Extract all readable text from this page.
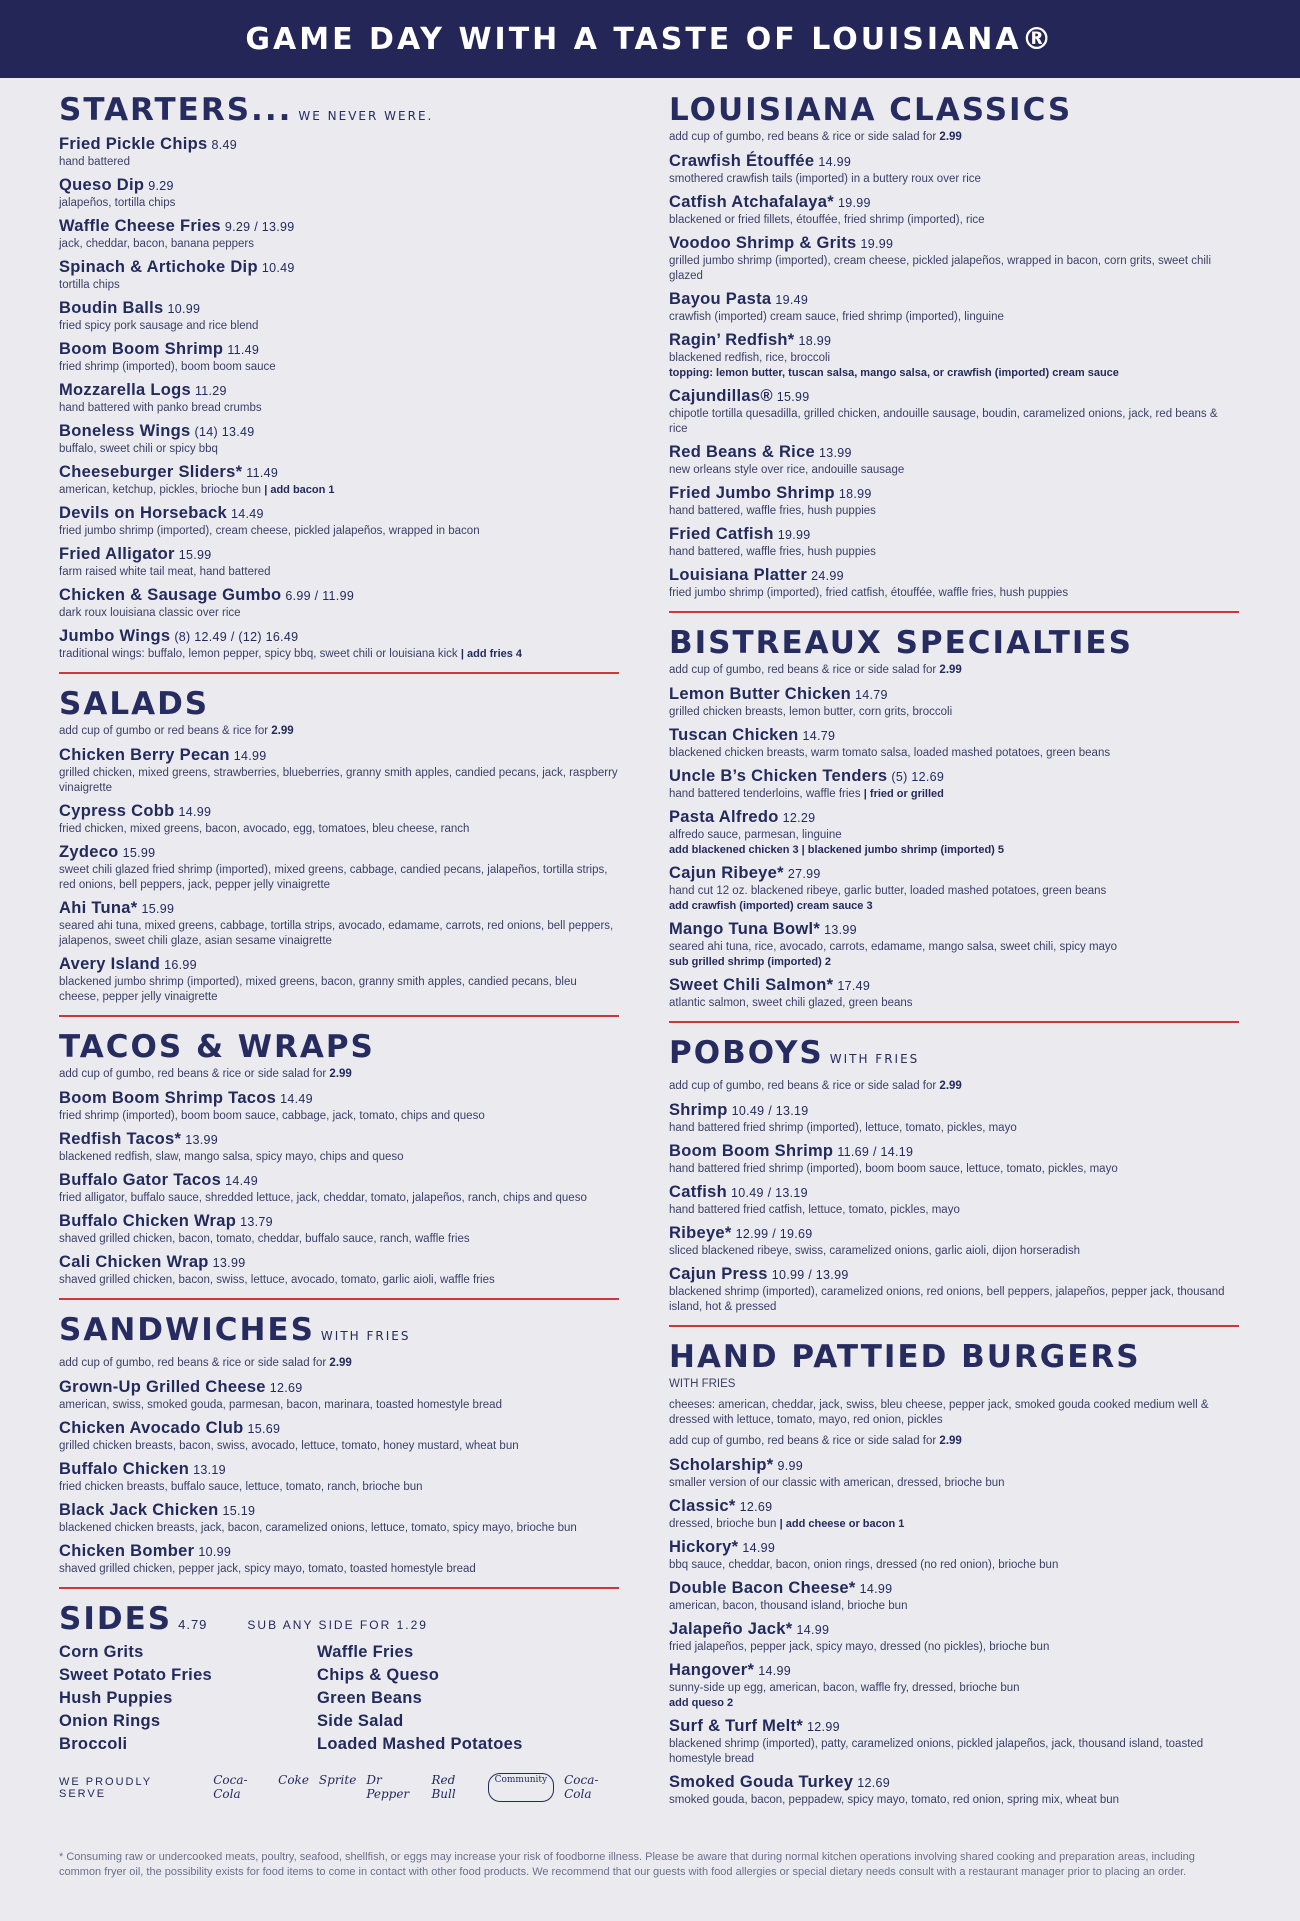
GAME DAY WITH A TASTE OF LOUISIANA®
STARTERS... WE NEVER WERE.
Fried Pickle Chips 8.49
hand battered
Queso Dip 9.29
jalapeños, tortilla chips
Waffle Cheese Fries 9.29 / 13.99
jack, cheddar, bacon, banana peppers
Spinach & Artichoke Dip 10.49
tortilla chips
Boudin Balls 10.99
fried spicy pork sausage and rice blend
Boom Boom Shrimp 11.49
fried shrimp (imported), boom boom sauce
Mozzarella Logs 11.29
hand battered with panko bread crumbs
Boneless Wings (14) 13.49
buffalo, sweet chili or spicy bbq
Cheeseburger Sliders* 11.49
american, ketchup, pickles, brioche bun | add bacon 1
Devils on Horseback 14.49
fried jumbo shrimp (imported), cream cheese, pickled jalapeños, wrapped in bacon
Fried Alligator 15.99
farm raised white tail meat, hand battered
Chicken & Sausage Gumbo 6.99 / 11.99
dark roux louisiana classic over rice
Jumbo Wings (8) 12.49 / (12) 16.49
traditional wings: buffalo, lemon pepper, spicy bbq, sweet chili or louisiana kick | add fries 4
SALADS
add cup of gumbo or red beans & rice for 2.99
Chicken Berry Pecan 14.99
grilled chicken, mixed greens, strawberries, blueberries, granny smith apples, candied pecans, jack, raspberry vinaigrette
Cypress Cobb 14.99
fried chicken, mixed greens, bacon, avocado, egg, tomatoes, bleu cheese, ranch
Zydeco 15.99
sweet chili glazed fried shrimp (imported), mixed greens, cabbage, candied pecans, jalapeños, tortilla strips, red onions, bell peppers, jack, pepper jelly vinaigrette
Ahi Tuna* 15.99
seared ahi tuna, mixed greens, cabbage, tortilla strips, avocado, edamame, carrots, red onions, bell peppers, jalapenos, sweet chili glaze, asian sesame vinaigrette
Avery Island 16.99
blackened jumbo shrimp (imported), mixed greens, bacon, granny smith apples, candied pecans, bleu cheese, pepper jelly vinaigrette
TACOS & WRAPS
add cup of gumbo, red beans & rice or side salad for 2.99
Boom Boom Shrimp Tacos 14.49
fried shrimp (imported), boom boom sauce, cabbage, jack, tomato, chips and queso
Redfish Tacos* 13.99
blackened redfish, slaw, mango salsa, spicy mayo, chips and queso
Buffalo Gator Tacos 14.49
fried alligator, buffalo sauce, shredded lettuce, jack, cheddar, tomato, jalapeños, ranch, chips and queso
Buffalo Chicken Wrap 13.79
shaved grilled chicken, bacon, tomato, cheddar, buffalo sauce, ranch, waffle fries
Cali Chicken Wrap 13.99
shaved grilled chicken, bacon, swiss, lettuce, avocado, tomato, garlic aioli, waffle fries
SANDWICHES WITH FRIES
add cup of gumbo, red beans & rice or side salad for 2.99
Grown-Up Grilled Cheese 12.69
american, swiss, smoked gouda, parmesan, bacon, marinara, toasted homestyle bread
Chicken Avocado Club 15.69
grilled chicken breasts, bacon, swiss, avocado, lettuce, tomato, honey mustard, wheat bun
Buffalo Chicken 13.19
fried chicken breasts, buffalo sauce, lettuce, tomato, ranch, brioche bun
Black Jack Chicken 15.19
blackened chicken breasts, jack, bacon, caramelized onions, lettuce, tomato, spicy mayo, brioche bun
Chicken Bomber 10.99
shaved grilled chicken, pepper jack, spicy mayo, tomato, toasted homestyle bread
SIDES 4.79	SUB ANY SIDE FOR 1.29
Corn Grits	Waffle Fries
Sweet Potato Fries	Chips & Queso
Hush Puppies	Green Beans
Onion Rings	Side Salad
Broccoli	Loaded Mashed Potatoes
WE PROUDLY SERVE
Coca-Cola
Coke Sprite Dr Pepper
Red Bull
Community	Coca-Cola
LOUISIANA CLASSICS
add cup of gumbo, red beans & rice or side salad for 2.99
Crawfish Étouffée 14.99
smothered crawfish tails (imported) in a buttery roux over rice
Catfish Atchafalaya* 19.99
blackened or fried fillets, étouffée, fried shrimp (imported), rice
Voodoo Shrimp & Grits 19.99
grilled jumbo shrimp (imported), cream cheese, pickled jalapeños, wrapped in bacon, corn grits, sweet chili glazed
Bayou Pasta 19.49
crawfish (imported) cream sauce, fried shrimp (imported), linguine
Ragin’ Redfish* 18.99
blackened redfish, rice, broccoli
topping: lemon butter, tuscan salsa, mango salsa, or crawfish (imported) cream sauce
Cajundillas® 15.99
chipotle tortilla quesadilla, grilled chicken, andouille sausage, boudin, caramelized onions, jack, red beans & rice
Red Beans & Rice 13.99
new orleans style over rice, andouille sausage
Fried Jumbo Shrimp 18.99
hand battered, waffle fries, hush puppies
Fried Catfish 19.99
hand battered, waffle fries, hush puppies
Louisiana Platter 24.99
fried jumbo shrimp (imported), fried catfish, étouffée, waffle fries, hush puppies
BISTREAUX SPECIALTIES
add cup of gumbo, red beans & rice or side salad for 2.99
Lemon Butter Chicken 14.79
grilled chicken breasts, lemon butter, corn grits, broccoli
Tuscan Chicken 14.79
blackened chicken breasts, warm tomato salsa, loaded mashed potatoes, green beans
Uncle B’s Chicken Tenders (5) 12.69
hand battered tenderloins, waffle fries | fried or grilled
Pasta Alfredo 12.29
alfredo sauce, parmesan, linguine
add blackened chicken 3 | blackened jumbo shrimp (imported) 5
Cajun Ribeye* 27.99
hand cut 12 oz. blackened ribeye, garlic butter, loaded mashed potatoes, green beans
add crawfish (imported) cream sauce 3
Mango Tuna Bowl* 13.99
seared ahi tuna, rice, avocado, carrots, edamame, mango salsa, sweet chili, spicy mayo
sub grilled shrimp (imported) 2
Sweet Chili Salmon* 17.49
atlantic salmon, sweet chili glazed, green beans
POBOYS WITH FRIES
add cup of gumbo, red beans & rice or side salad for 2.99
Shrimp 10.49 / 13.19
hand battered fried shrimp (imported), lettuce, tomato, pickles, mayo
Boom Boom Shrimp 11.69 / 14.19
hand battered fried shrimp (imported), boom boom sauce, lettuce, tomato, pickles, mayo
Catfish 10.49 / 13.19
hand battered fried catfish, lettuce, tomato, pickles, mayo
Ribeye* 12.99 / 19.69
sliced blackened ribeye, swiss, caramelized onions, garlic aioli, dijon horseradish
Cajun Press 10.99 / 13.99
blackened shrimp (imported), caramelized onions, red onions, bell peppers, jalapeños, pepper jack, thousand island, hot & pressed
HAND PATTIED BURGERS
WITH FRIES
cheeses: american, cheddar, jack, swiss, bleu cheese, pepper jack, smoked gouda cooked medium well & dressed with lettuce, tomato, mayo, red onion, pickles
add cup of gumbo, red beans & rice or side salad for 2.99
Scholarship* 9.99
smaller version of our classic with american, dressed, brioche bun
Classic* 12.69
dressed, brioche bun | add cheese or bacon 1
Hickory* 14.99
bbq sauce, cheddar, bacon, onion rings, dressed (no red onion), brioche bun
Double Bacon Cheese* 14.99
american, bacon, thousand island, brioche bun
Jalapeño Jack* 14.99
fried jalapeños, pepper jack, spicy mayo, dressed (no pickles), brioche bun
Hangover* 14.99
sunny-side up egg, american, bacon, waffle fry, dressed, brioche bun
add queso 2
Surf & Turf Melt* 12.99
blackened shrimp (imported), patty, caramelized onions, pickled jalapeños, jack, thousand island, toasted homestyle bread
Smoked Gouda Turkey 12.69
smoked gouda, bacon, peppadew, spicy mayo, tomato, red onion, spring mix, wheat bun
* Consuming raw or undercooked meats, poultry, seafood, shellfish, or eggs may increase your risk of foodborne illness. Please be aware that during normal kitchen operations involving shared cooking and preparation areas, including common fryer oil, the possibility exists for food items to come in contact with other food products. We recommend that our guests with food allergies or special dietary needs consult with a restaurant manager prior to placing an order.
